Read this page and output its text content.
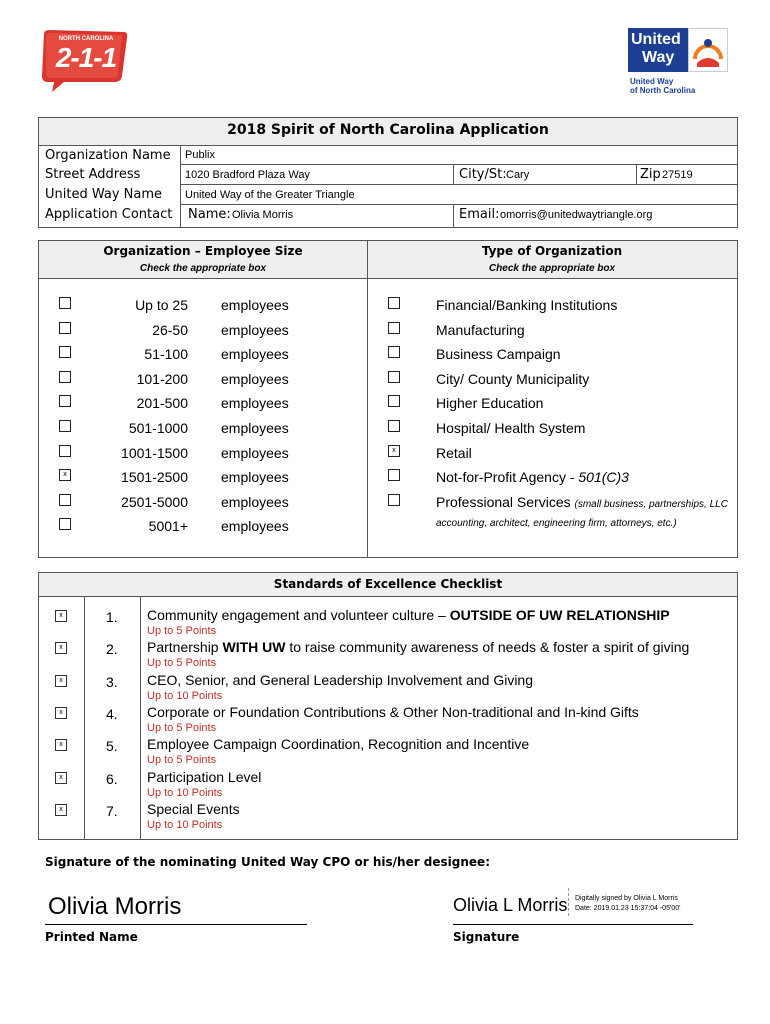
NORTH CAROLINA
2-1-1
United
Way
United Way
of North Carolina
2018 Spirit of North Carolina Application
Organization Name Publix
Street Address	1020 Bradford Plaza Way	City/St: Cary	Zip 27519
United Way Name United Way of the Greater Triangle
Application Contact Name: Olivia Morris	Email: omorris@unitedwaytriangle.org
Organization – Employee Size
Check the appropriate box
Type of Organization
Check the appropriate box
Up to 25 employees
26-50 employees
51-100 employees
101-200 employees
201-500 employees
501-1000 employees
1001-1500 employees
x	1501-2500 employees
2501-5000 employees
5001+ employees
Financial/Banking Institutions
Manufacturing
Business Campaign
City/ County Municipality
Higher Education
Hospital/ Health System
x	Retail
Not-for-Profit Agency - 501(C)3
Professional Services (small business, partnerships, LLC
accounting, architect, engineering firm, attorneys, etc.)
Standards of Excellence Checklist
x	1. Community engagement and volunteer culture – OUTSIDE OF UW RELATIONSHIP
Up to 5 Points
x	2. Partnership WITH UW to raise community awareness of needs & foster a spirit of giving
Up to 5 Points
x	3. CEO, Senior, and General Leadership Involvement and Giving
Up to 10 Points
x	4. Corporate or Foundation Contributions & Other Non-traditional and In-kind Gifts
Up to 5 Points
x	5. Employee Campaign Coordination, Recognition and Incentive
Up to 5 Points
x	6. Participation Level
Up to 10 Points
x	7. Special Events
Up to 10 Points
Signature of the nominating United Way CPO or his/her designee:
Olivia Morris
Printed Name
Olivia L Morris Digitally signed by Olivia L Morris
Date: 2019.01.23 15:37:04 -05'00'
Signature
